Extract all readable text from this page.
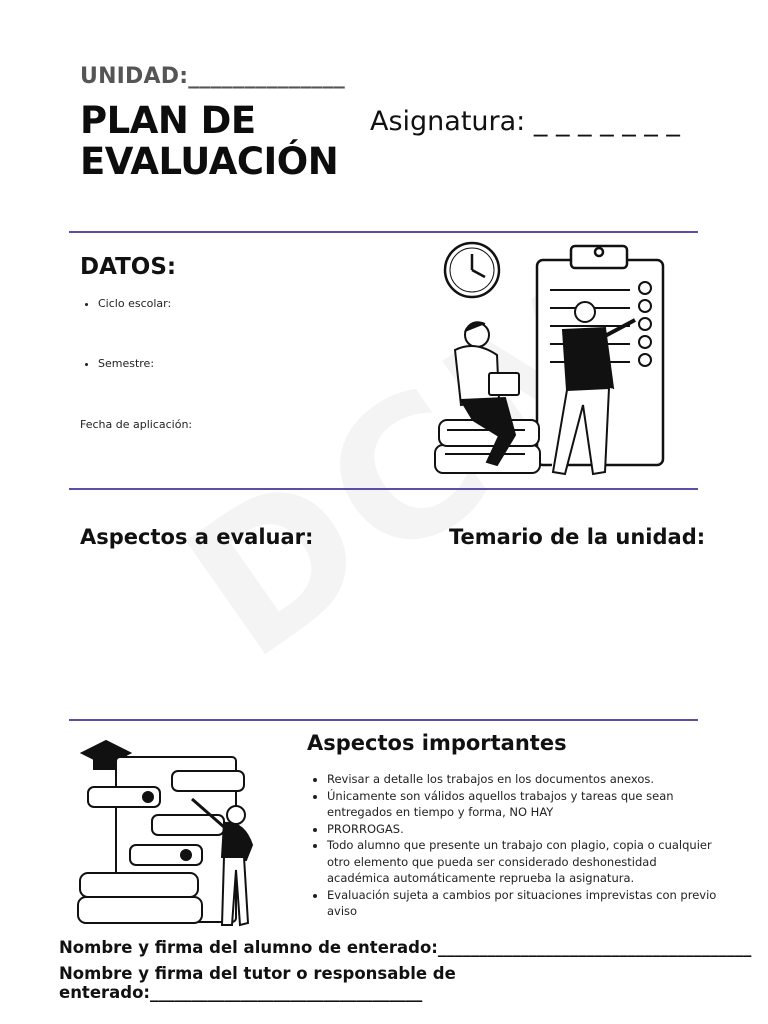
UNIDAD:______________
PLAN DE
EVALUACIÓN
Asignatura: _ _ _ _ _ _ _
DATOS:
• Ciclo escolar:
• Semestre:
Fecha de aplicación:
Aspectos a evaluar:	Temario de la unidad:
Aspectos importantes
• Revisar a detalle los trabajos en los documentos anexos.
• Únicamente son válidos aquellos trabajos y tareas que sean entregados en tiempo y forma, NO HAY
• PRORROGAS.
• Todo alumno que presente un trabajo con plagio, copia o cualquier otro elemento que pueda ser considerado deshonestidad académica automáticamente reprueba la asignatura.
• Evaluación sujeta a cambios por situaciones imprevistas con previo aviso
Nombre y firma del alumno de enterado:______________________________________
Nombre y firma del tutor o responsable de
enterado:_________________________________
